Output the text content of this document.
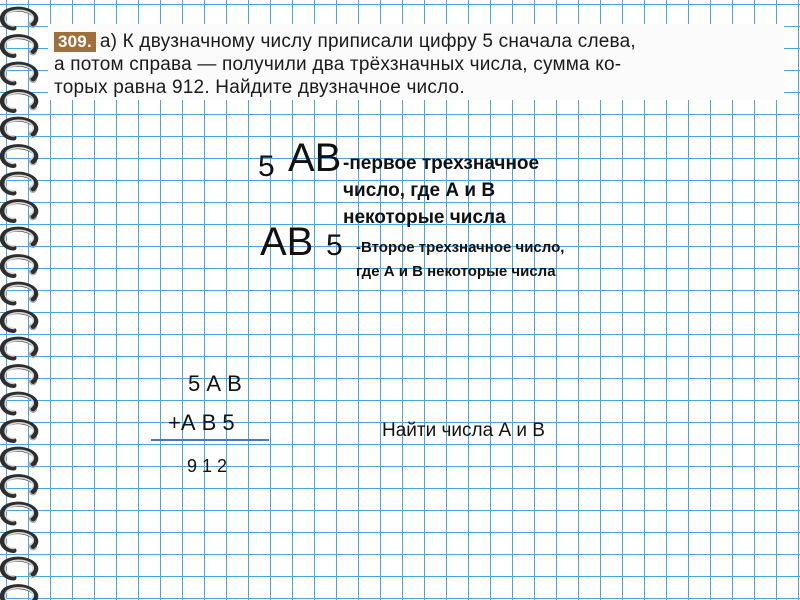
309. а) К двузначному числу приписали цифру 5 сначала слева,
а потом справа — получили два трёхзначных числа, сумма ко-
торых равна 912. Найдите двузначное число.
5 АВ -первое трехзначное
число, где А и В
некоторые числа
АВ 5 -Второе трехзначное число,
где А и В некоторые числа
5 А В
+А В 5
9 1 2
Найти числа А и В
